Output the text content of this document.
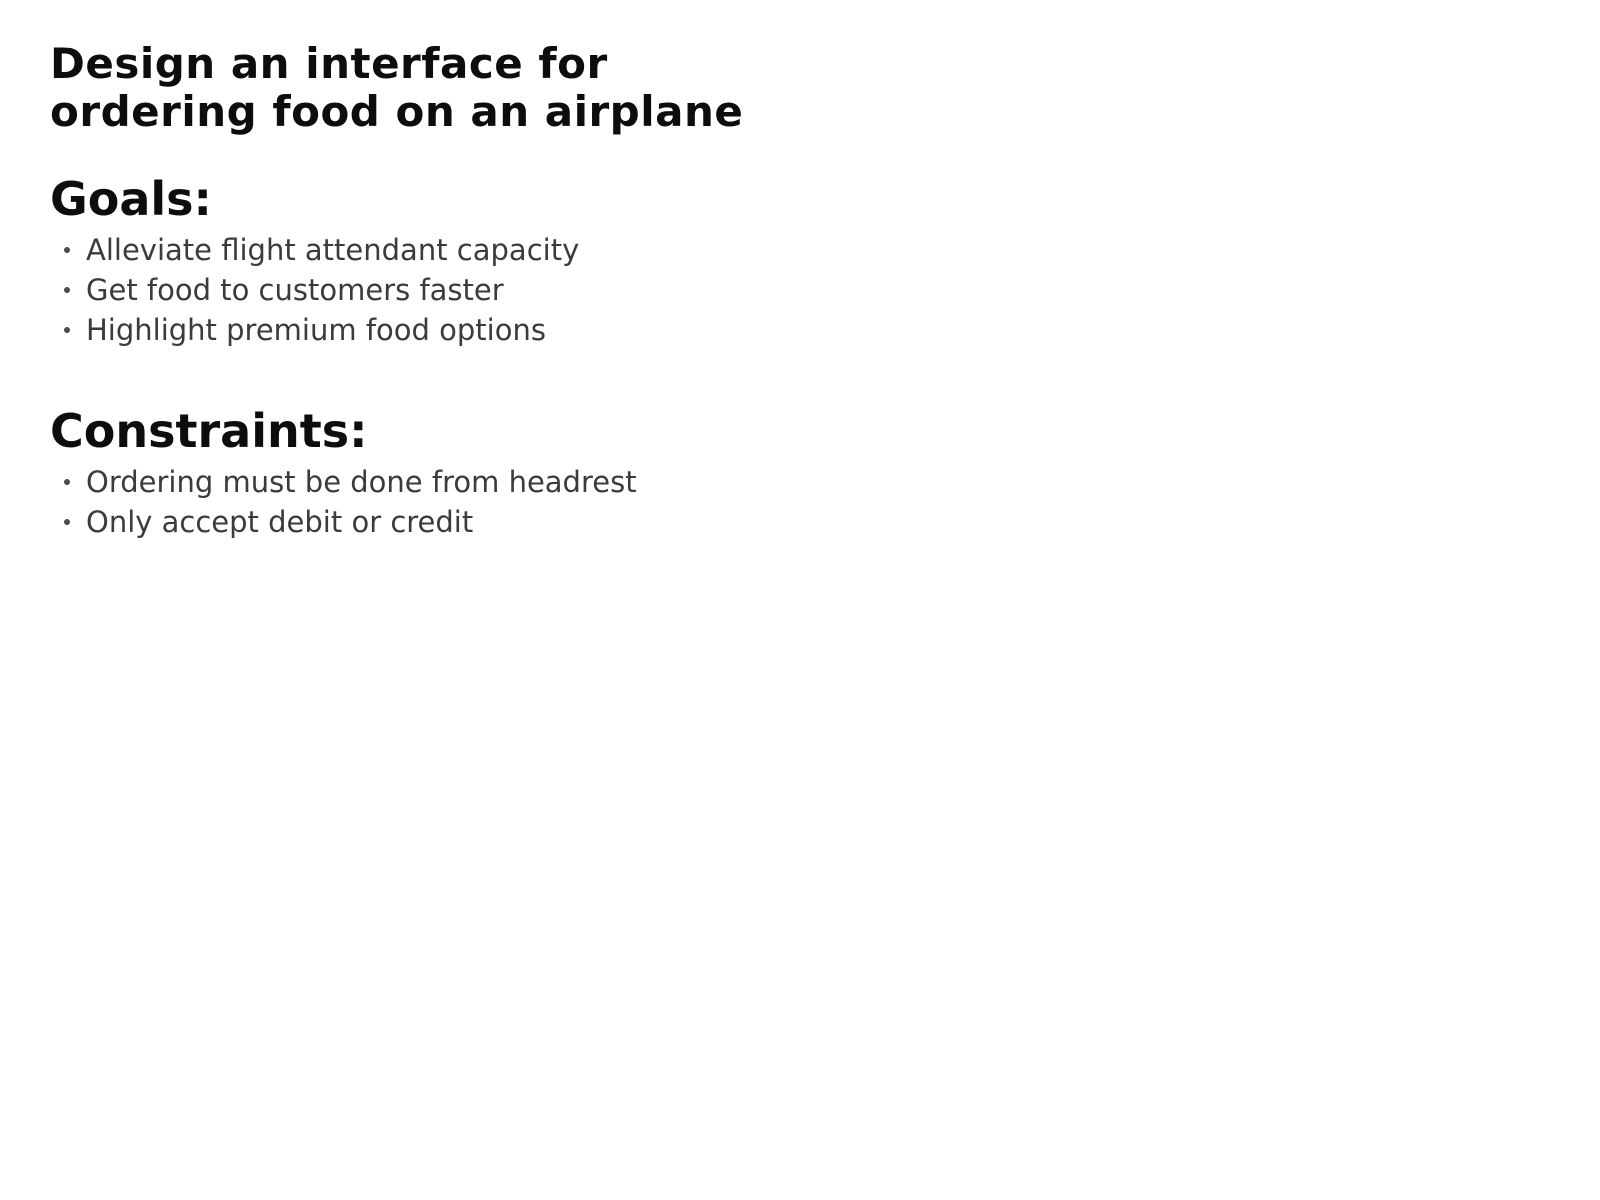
Design an interface for
ordering food on an airplane
Goals:
Alleviate flight attendant capacity
Get food to customers faster
Highlight premium food options
Constraints:
Ordering must be done from headrest
Only accept debit or credit
